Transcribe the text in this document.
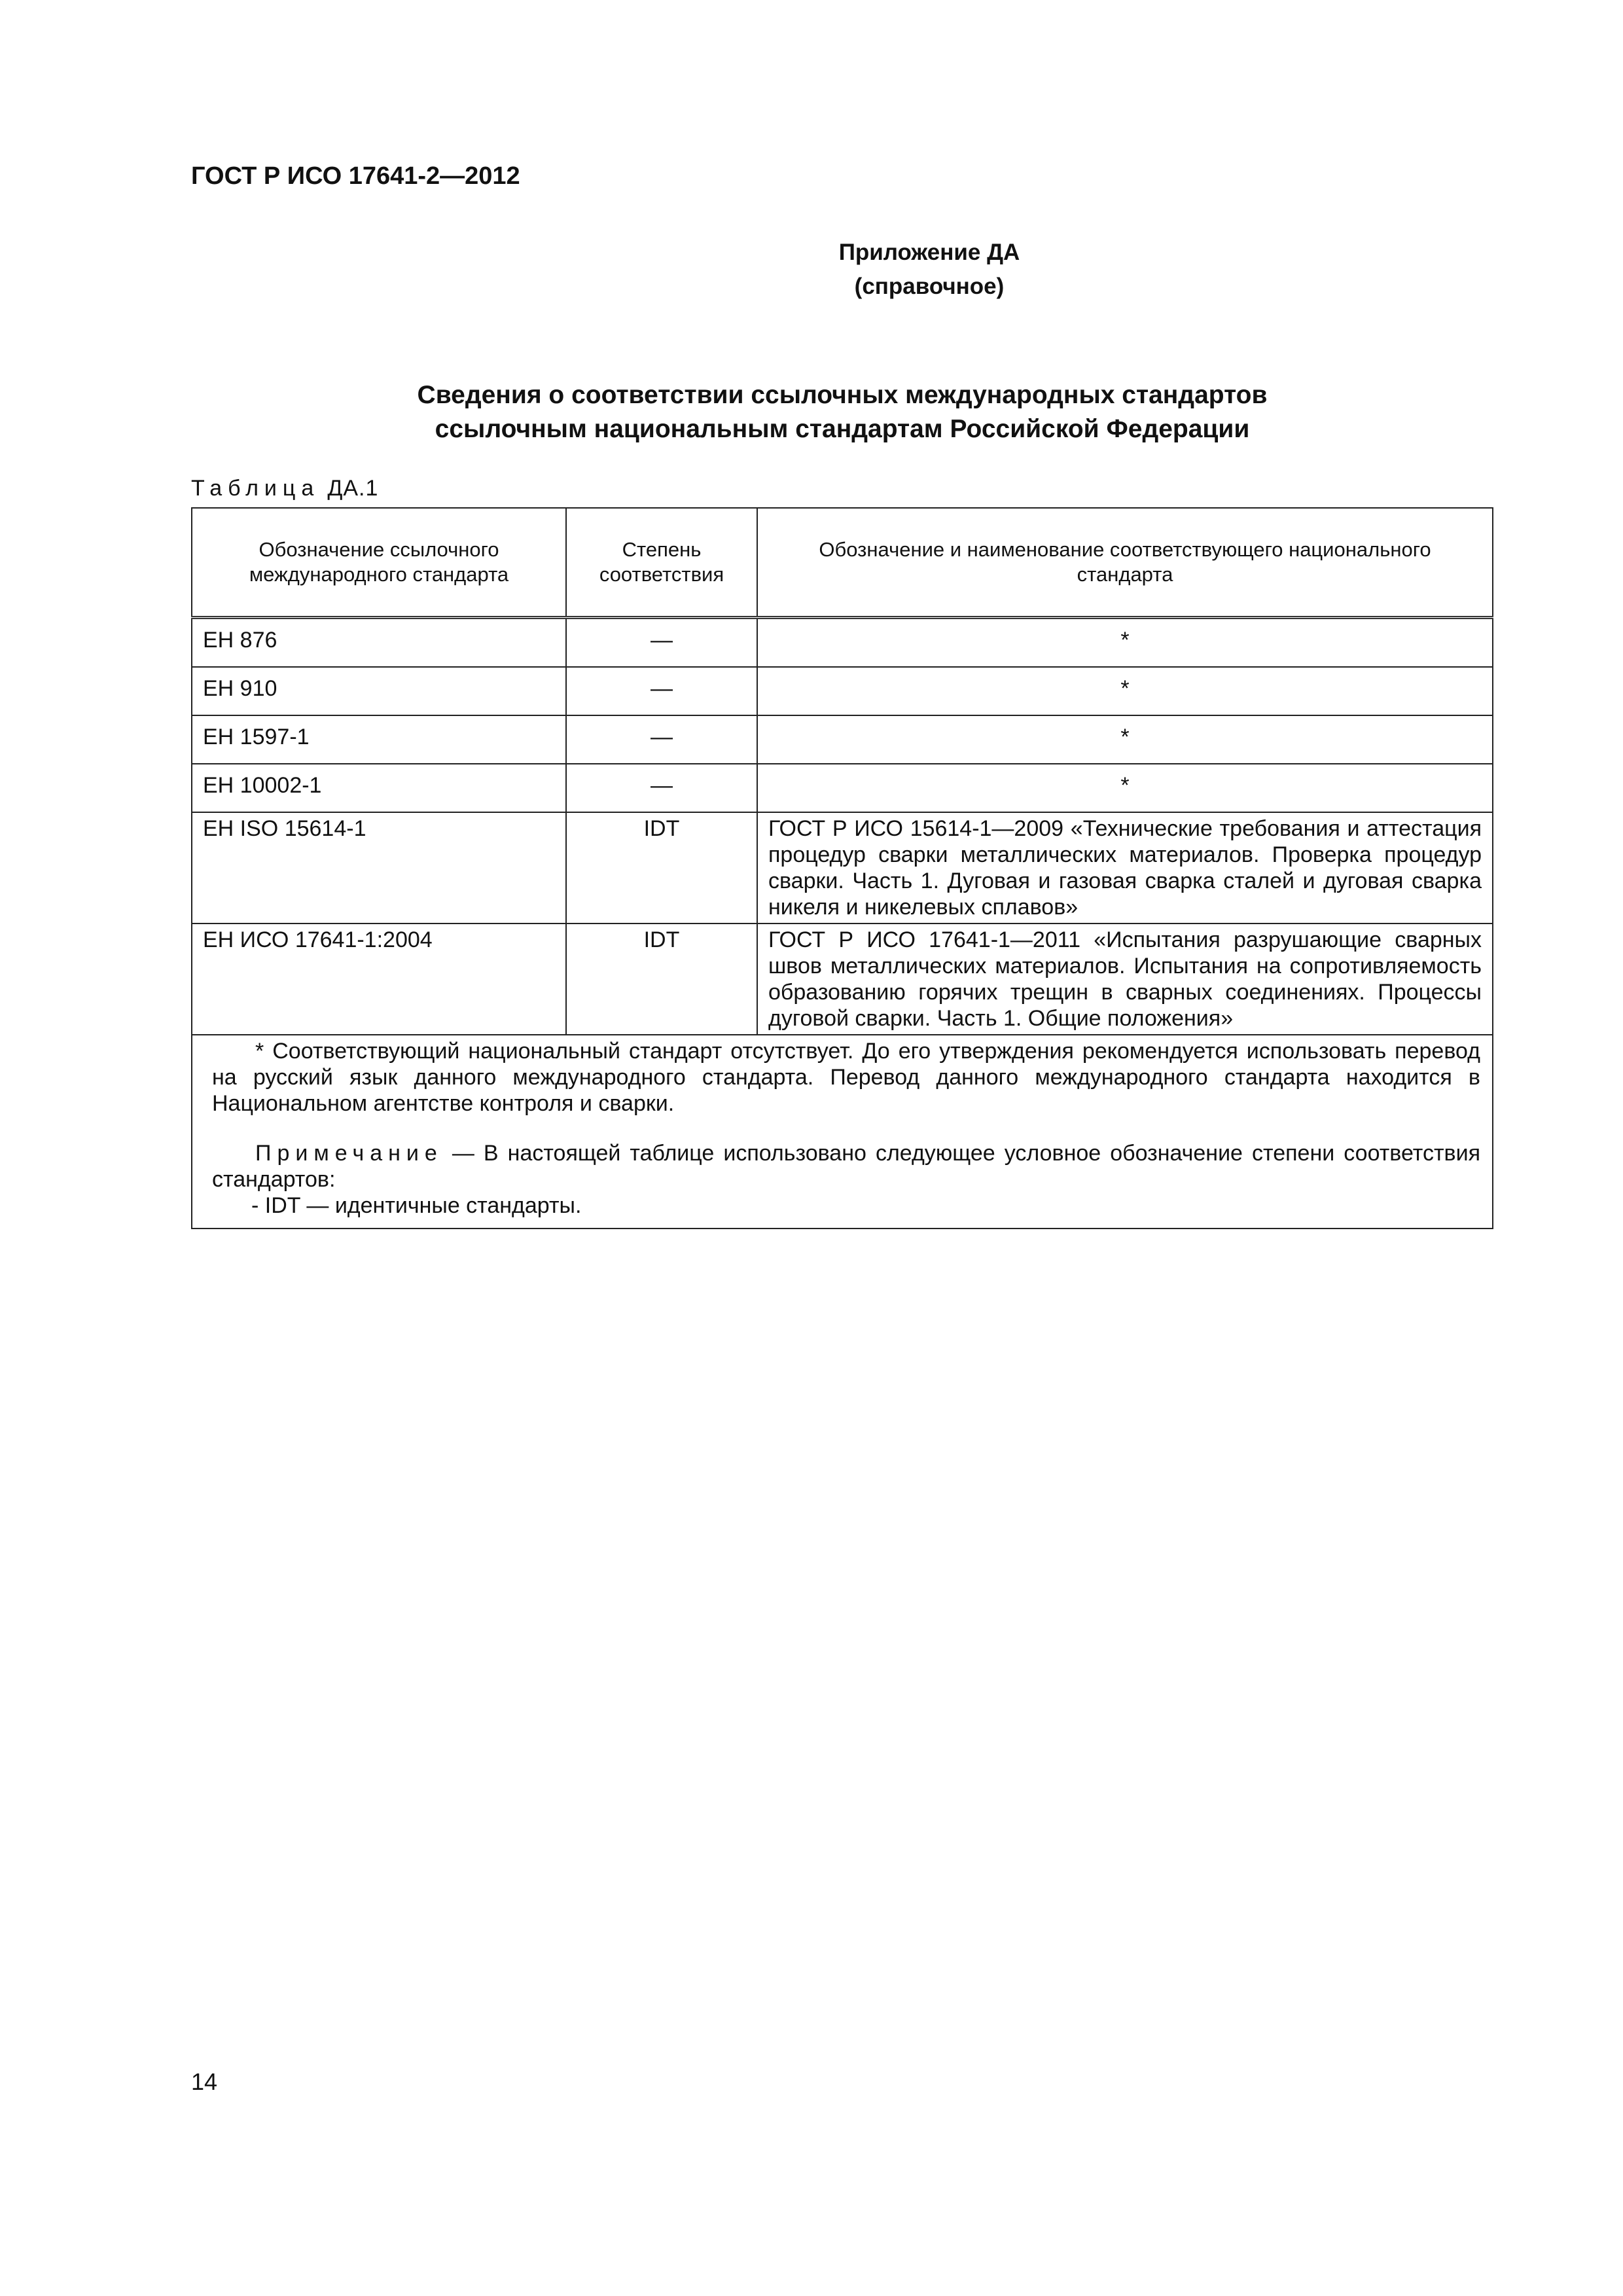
ГОСТ Р ИСО 17641-2—2012
Приложение ДА
(справочное)
Сведения о соответствии ссылочных международных стандартов
ссылочным национальным стандартам Российской Федерации
Таблица ДА.1
Обозначение ссылочного международного стандарта	Степень соответствия	Обозначение и наименование соответствующего национального стандарта
ЕН 876	—	*
ЕН 910	—	*
ЕН 1597-1	—	*
ЕН 10002-1	—	*
ЕН ISO 15614-1	IDT	ГОСТ Р ИСО 15614-1—2009 «Технические требования и аттестация процедур сварки металлических материалов. Проверка процедур сварки. Часть 1. Дуговая и газовая сварка сталей и дуговая сварка никеля и никелевых сплавов»
ЕН ИСО 17641-1:2004	IDT	ГОСТ Р ИСО 17641-1—2011 «Испытания разрушающие сварных швов металлических материалов. Испытания на сопротивляемость образованию горячих трещин в сварных соединениях. Процессы дуговой сварки. Часть 1. Общие положения»

* Соответствующий национальный стандарт отсутствует. До его утверждения рекомендуется использовать перевод на русский язык данного международного стандарта. Перевод данного международного стандарта находится в Национальном агентстве контроля и сварки.
Примечание — В настоящей таблице использовано следующее условное обозначение степени соответствия стандартов:
- IDT — идентичные стандарты.		
14
